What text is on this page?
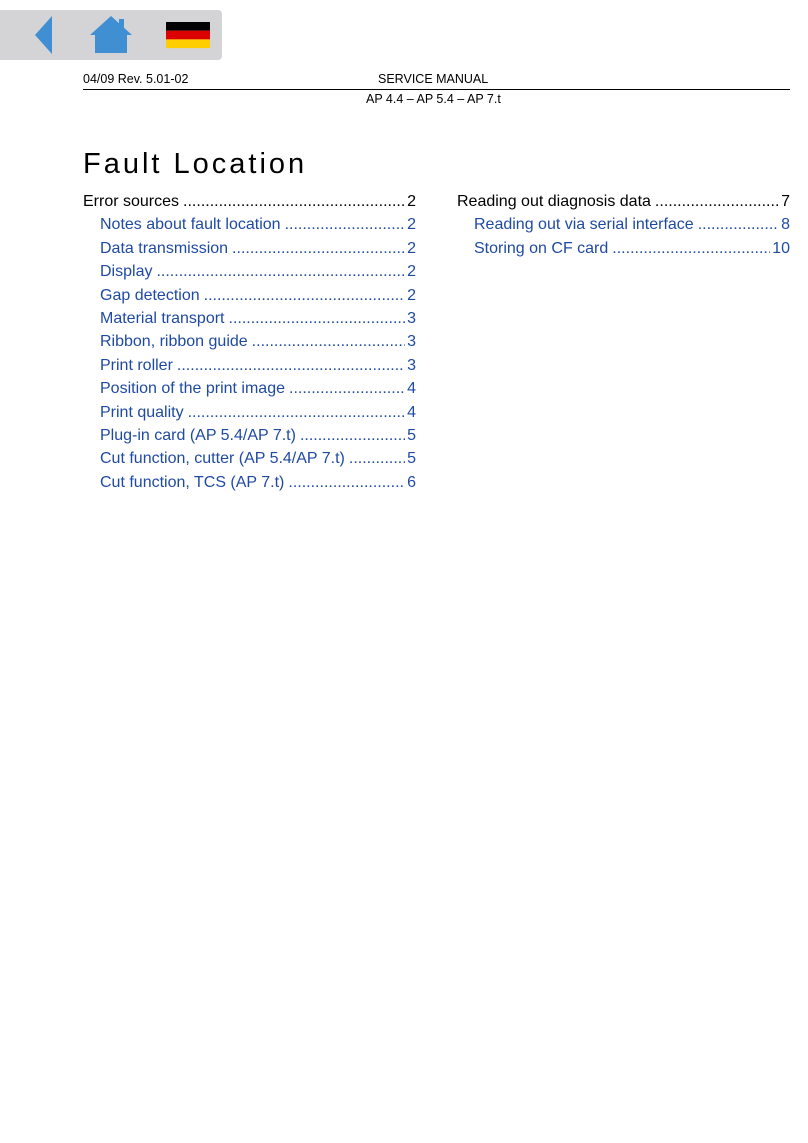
04/09 Rev. 5.01-02	SERVICE MANUAL
AP 4.4 – AP 5.4 – AP 7.t
Fault Location
Error sources .....	2
Notes about fault location .....	2
Data transmission .....	2
Display .....	2
Gap detection .....	2
Material transport .....	3
Ribbon, ribbon guide .....	3
Print roller .....	3
Position of the print image .....	4
Print quality .....	4
Plug-in card (AP 5.4/AP 7.t) .....	5
Cut function, cutter (AP 5.4/AP 7.t) .....	5
Cut function, TCS (AP 7.t) .....	6
Reading out diagnosis data .....	7
Reading out via serial interface .....	8
Storing on CF card .....	10
